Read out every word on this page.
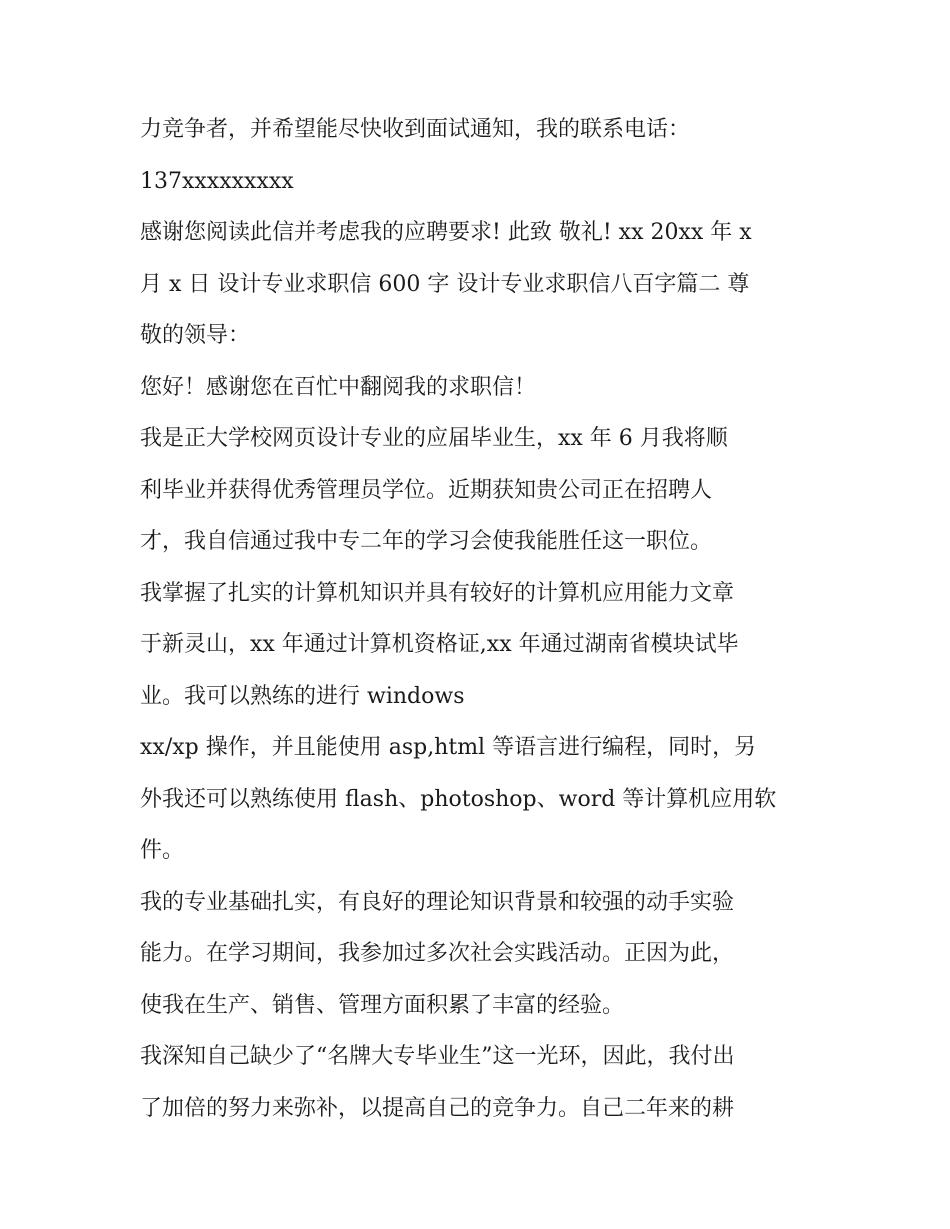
力竞争者，并希望能尽快收到面试通知，我的联系电话：
137xxxxxxxxx
感谢您阅读此信并考虑我的应聘要求! 此致 敬礼! xx 20xx 年 x
月 x 日 设计专业求职信 600 字 设计专业求职信八百字篇二 尊
敬的领导：
您好！感谢您在百忙中翻阅我的求职信！
我是正大学校网页设计专业的应届毕业生，xx 年 6 月我将顺
利毕业并获得优秀管理员学位。近期获知贵公司正在招聘人
才，我自信通过我中专二年的学习会使我能胜任这一职位。
我掌握了扎实的计算机知识并具有较好的计算机应用能力文章
于新灵山，xx 年通过计算机资格证,xx 年通过湖南省模块试毕
业。我可以熟练的进行 windows
xx/xp 操作，并且能使用 asp,html 等语言进行编程，同时，另
外我还可以熟练使用 flash、photoshop、word 等计算机应用软
件。
我的专业基础扎实，有良好的理论知识背景和较强的动手实验
能力。在学习期间，我参加过多次社会实践活动。正因为此，
使我在生产、销售、管理方面积累了丰富的经验。
我深知自己缺少了“名牌大专毕业生”这一光环，因此，我付出
了加倍的努力来弥补，以提高自己的竞争力。自己二年来的耕
